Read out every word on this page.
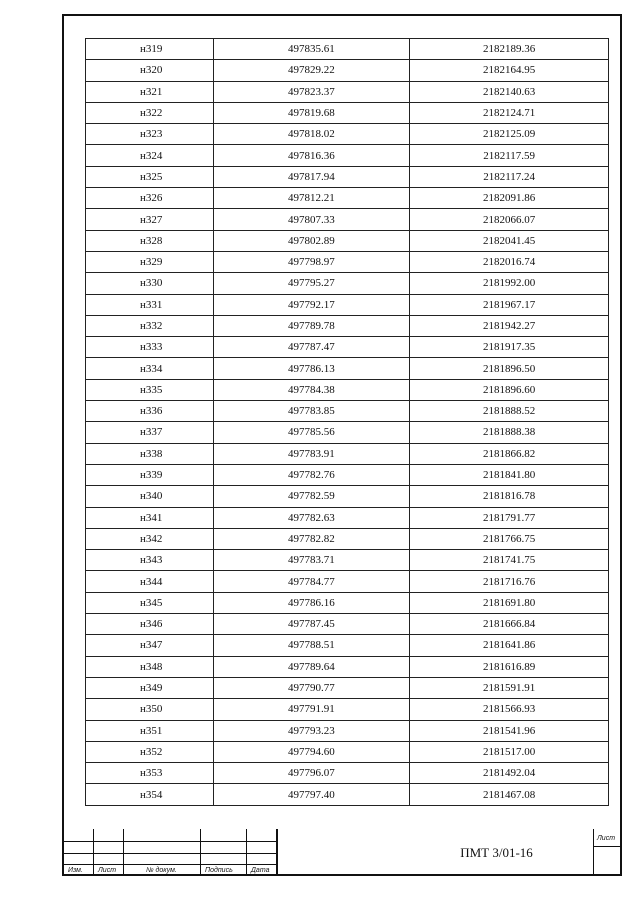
н319	497835.61	2182189.36
н320	497829.22	2182164.95
н321	497823.37	2182140.63
н322	497819.68	2182124.71
н323	497818.02	2182125.09
н324	497816.36	2182117.59
н325	497817.94	2182117.24
н326	497812.21	2182091.86
н327	497807.33	2182066.07
н328	497802.89	2182041.45
н329	497798.97	2182016.74
н330	497795.27	2181992.00
н331	497792.17	2181967.17
н332	497789.78	2181942.27
н333	497787.47	2181917.35
н334	497786.13	2181896.50
н335	497784.38	2181896.60
н336	497783.85	2181888.52
н337	497785.56	2181888.38
н338	497783.91	2181866.82
н339	497782.76	2181841.80
н340	497782.59	2181816.78
н341	497782.63	2181791.77
н342	497782.82	2181766.75
н343	497783.71	2181741.75
н344	497784.77	2181716.76
н345	497786.16	2181691.80
н346	497787.45	2181666.84
н347	497788.51	2181641.86
н348	497789.64	2181616.89
н349	497790.77	2181591.91
н350	497791.91	2181566.93
н351	497793.23	2181541.96
н352	497794.60	2181517.00
н353	497796.07	2181492.04
н354	497797.40	2181467.08
Изм. Лист	№ докум.	Подпись	Дата
Лист
ПМТ 3/01-16
